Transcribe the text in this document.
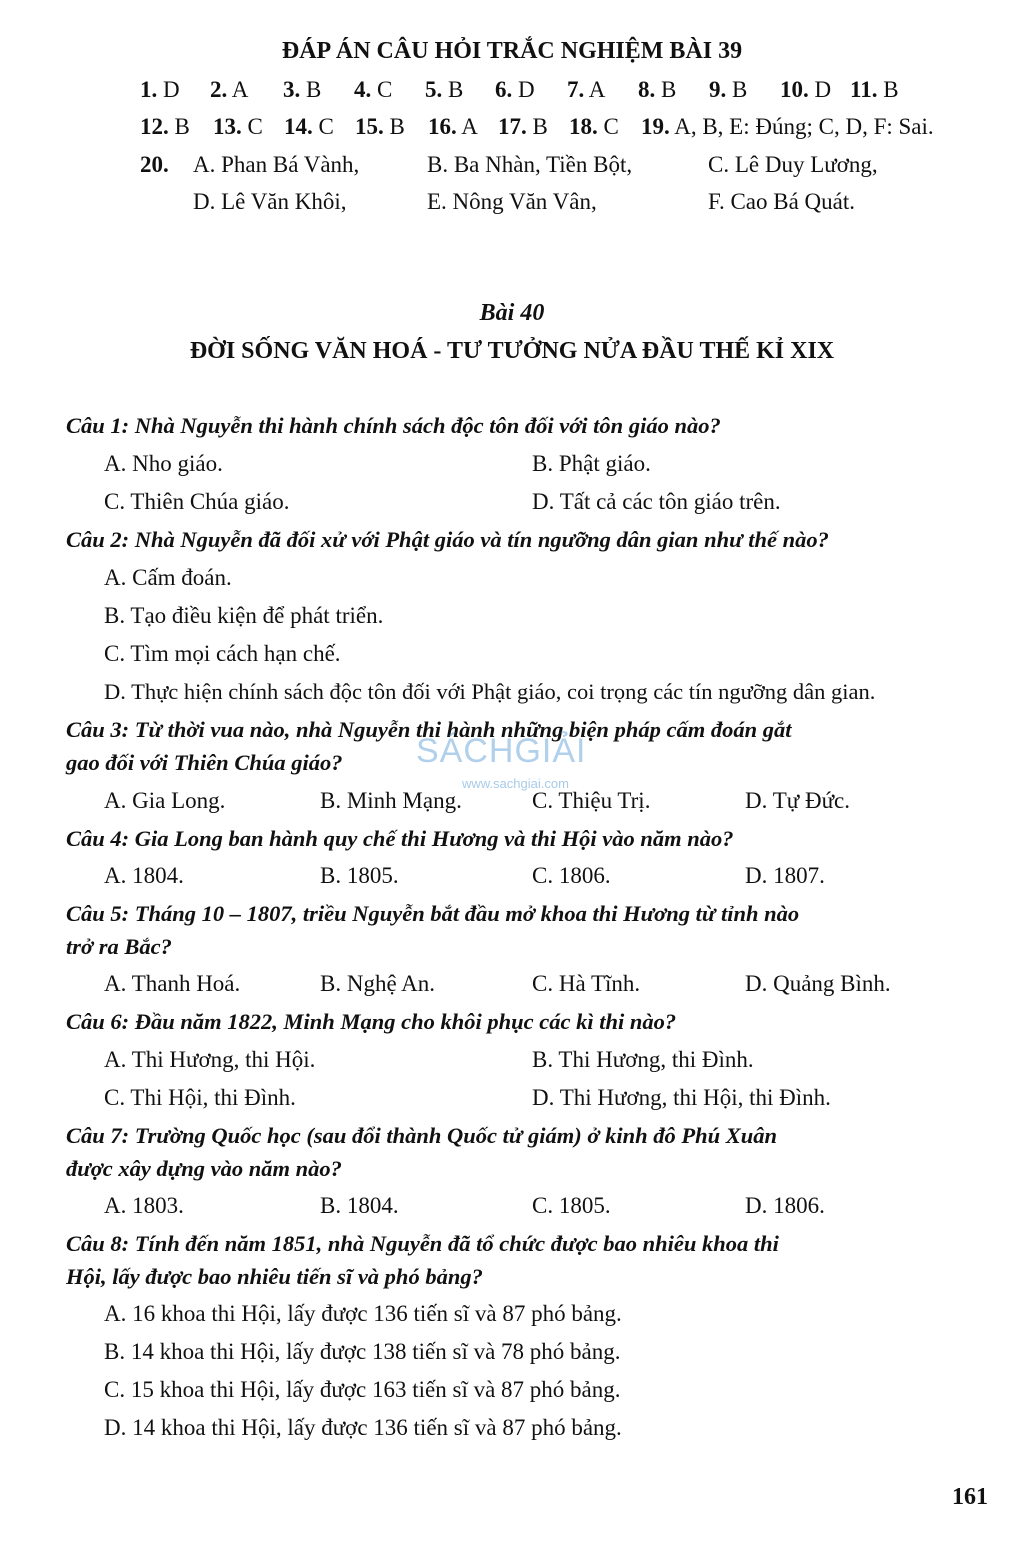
ĐÁP ÁN CÂU HỎI TRẮC NGHIỆM BÀI 39
1. D 2. A 3. B 4. C 5. B 6. D 7. A 8. B 9. B 10. D 11. B
12. B 13. C 14. C 15. B 16. A 17. B 18. C 19. A, B, E: Đúng; C, D, F: Sai.
20. A. Phan Bá Vành,	B. Ba Nhàn, Tiền Bột,	C. Lê Duy Lương,
D. Lê Văn Khôi,	E. Nông Văn Vân,	F. Cao Bá Quát.
Bài 40
ĐỜI SỐNG VĂN HOÁ - TƯ TƯỞNG NỬA ĐẦU THẾ KỈ XIX
Câu 1: Nhà Nguyễn thi hành chính sách độc tôn đối với tôn giáo nào?
A. Nho giáo.	B. Phật giáo.
C. Thiên Chúa giáo.	D. Tất cả các tôn giáo trên.
Câu 2: Nhà Nguyễn đã đối xử với Phật giáo và tín ngưỡng dân gian như thế nào?
A. Cấm đoán.
B. Tạo điều kiện để phát triển.
C. Tìm mọi cách hạn chế.
D. Thực hiện chính sách độc tôn đối với Phật giáo, coi trọng các tín ngưỡng dân gian.
Câu 3: Từ thời vua nào, nhà Nguyễn thi hành những biện pháp cấm đoán gắt
gao đối với Thiên Chúa giáo?
A. Gia Long.	B. Minh Mạng.	C. Thiệu Trị.	D. Tự Đức.
Câu 4: Gia Long ban hành quy chế thi Hương và thi Hội vào năm nào?
A. 1804.	B. 1805.	C. 1806.	D. 1807.
Câu 5: Tháng 10 – 1807, triều Nguyễn bắt đầu mở khoa thi Hương từ tỉnh nào
trở ra Bắc?
A. Thanh Hoá.	B. Nghệ An.	C. Hà Tĩnh.	D. Quảng Bình.
Câu 6: Đầu năm 1822, Minh Mạng cho khôi phục các kì thi nào?
A. Thi Hương, thi Hội.	B. Thi Hương, thi Đình.
C. Thi Hội, thi Đình.	D. Thi Hương, thi Hội, thi Đình.
Câu 7: Trường Quốc học (sau đổi thành Quốc tử giám) ở kinh đô Phú Xuân
được xây dựng vào năm nào?
A. 1803.	B. 1804.	C. 1805.	D. 1806.
Câu 8: Tính đến năm 1851, nhà Nguyễn đã tổ chức được bao nhiêu khoa thi
Hội, lấy được bao nhiêu tiến sĩ và phó bảng?
A. 16 khoa thi Hội, lấy được 136 tiến sĩ và 87 phó bảng.
B. 14 khoa thi Hội, lấy được 138 tiến sĩ và 78 phó bảng.
C. 15 khoa thi Hội, lấy được 163 tiến sĩ và 87 phó bảng.
D. 14 khoa thi Hội, lấy được 136 tiến sĩ và 87 phó bảng.
SÁCHGIẢI
www.sachgiai.com
161
